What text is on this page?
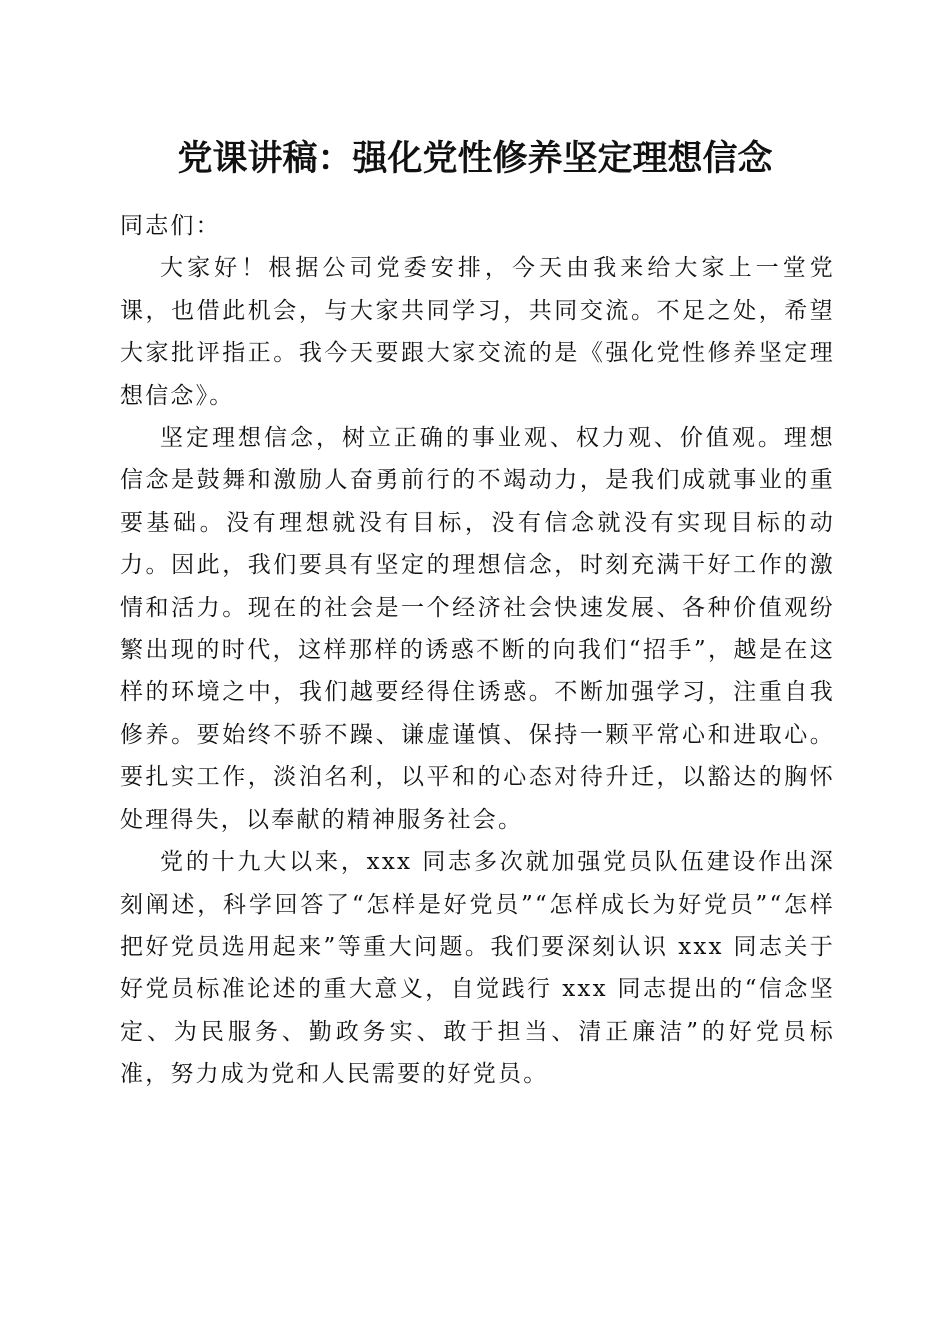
党课讲稿：强化党性修养坚定理想信念

同志们：

大家好！根据公司党委安排，今天由我来给大家上一堂党课，也借此机会，与大家共同学习，共同交流。不足之处，希望大家批评指正。我今天要跟大家交流的是《强化党性修养坚定理想信念》。

坚定理想信念，树立正确的事业观、权力观、价值观。理想信念是鼓舞和激励人奋勇前行的不竭动力，是我们成就事业的重要基础。没有理想就没有目标，没有信念就没有实现目标的动力。因此，我们要具有坚定的理想信念，时刻充满干好工作的激情和活力。现在的社会是一个经济社会快速发展、各种价值观纷繁出现的时代，这样那样的诱惑不断的向我们“招手”，越是在这样的环境之中，我们越要经得住诱惑。不断加强学习，注重自我修养。要始终不骄不躁、谦虚谨慎、保持一颗平常心和进取心。要扎实工作，淡泊名利，以平和的心态对待升迁，以豁达的胸怀处理得失，以奉献的精神服务社会。

党的十九大以来，xxx 同志多次就加强党员队伍建设作出深刻阐述，科学回答了“怎样是好党员”“怎样成长为好党员”“怎样把好党员选用起来”等重大问题。我们要深刻认识 xxx 同志关于好党员标准论述的重大意义，自觉践行 xxx 同志提出的“信念坚定、为民服务、勤政务实、敢于担当、清正廉洁”的好党员标准，努力成为党和人民需要的好党员。
